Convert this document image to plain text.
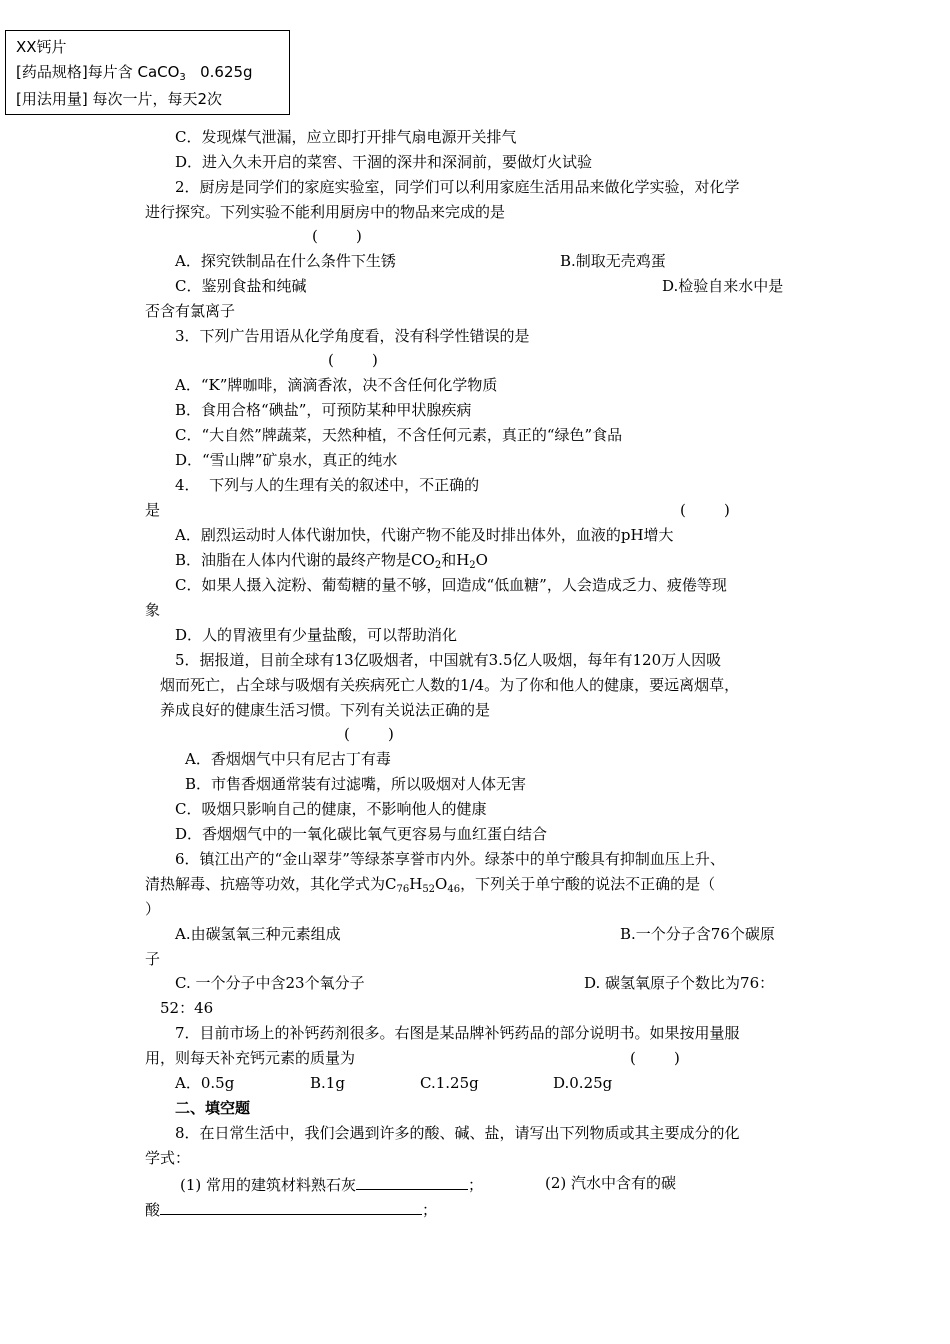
XX钙片
[药品规格]每片含 CaCO$_3$   0.625g
[用法用量] 每次一片，每天2次
C．发现煤气泄漏，应立即打开排气扇电源开关排气
D．进入久未开启的菜窖、干涸的深井和深洞前，要做灯火试验
2．厨房是同学们的家庭实验室，同学们可以利用家庭生活用品来做化学实验，对化学
进行探究。下列实验不能利用厨房中的物品来完成的是
(        )
A．探究铁制品在什么条件下生锈	B.制取无壳鸡蛋
C．鉴别食盐和纯碱	D.检验自来水中是
否含有氯离子
3．下列广告用语从化学角度看，没有科学性错误的是
(        )
A．“K”牌咖啡，滴滴香浓，决不含任何化学物质
B．食用合格“碘盐”，可预防某种甲状腺疾病
C．“大自然”牌蔬菜，天然种植，不含任何元素，真正的“绿色”食品
D．“雪山牌”矿泉水，真正的纯水
4．  下列与人的生理有关的叙述中，不正确的
是	(        )
A．剧烈运动时人体代谢加快，代谢产物不能及时排出体外，血液的pH增大
B．油脂在人体内代谢的最终产物是$CO_2$和$H_2O$
C．如果人摄入淀粉、葡萄糖的量不够，回造成“低血糖”，人会造成乏力、疲倦等现
象
D．人的胃液里有少量盐酸，可以帮助消化
5．据报道，目前全球有13亿吸烟者，中国就有3.5亿人吸烟，每年有120万人因吸
烟而死亡，占全球与吸烟有关疾病死亡人数的1/4。为了你和他人的健康，要远离烟草，
养成良好的健康生活习惯。下列有关说法正确的是
(        )
A．香烟烟气中只有尼古丁有毒
B．市售香烟通常装有过滤嘴，所以吸烟对人体无害
C．吸烟只影响自己的健康，不影响他人的健康
D．香烟烟气中的一氧化碳比氧气更容易与血红蛋白结合
6．镇江出产的“金山翠芽”等绿茶享誉市内外。绿茶中的单宁酸具有抑制血压上升、
清热解毒、抗癌等功效，其化学式为$C_{76}H_{52}O_{46}$，下列关于单宁酸的说法不正确的是（
）
A.由碳氢氧三种元素组成	B.一个分子含76个碳原
子
C. 一个分子中含23个氧分子	D. 碳氢氧原子个数比为76：
52：46
7．目前市场上的补钙药剂很多。右图是某品牌补钙药品的部分说明书。如果按用量服
用，则每天补充钙元素的质量为	(        )
A．0.5g	B.1g	C.1.25g	D.0.25g
二、填空题
8．在日常生活中，我们会遇到许多的酸、碱、盐，请写出下列物质或其主要成分的化
学式：
(1) 常用的建筑材料熟石灰	；	(2) 汽水中含有的碳
酸	；
